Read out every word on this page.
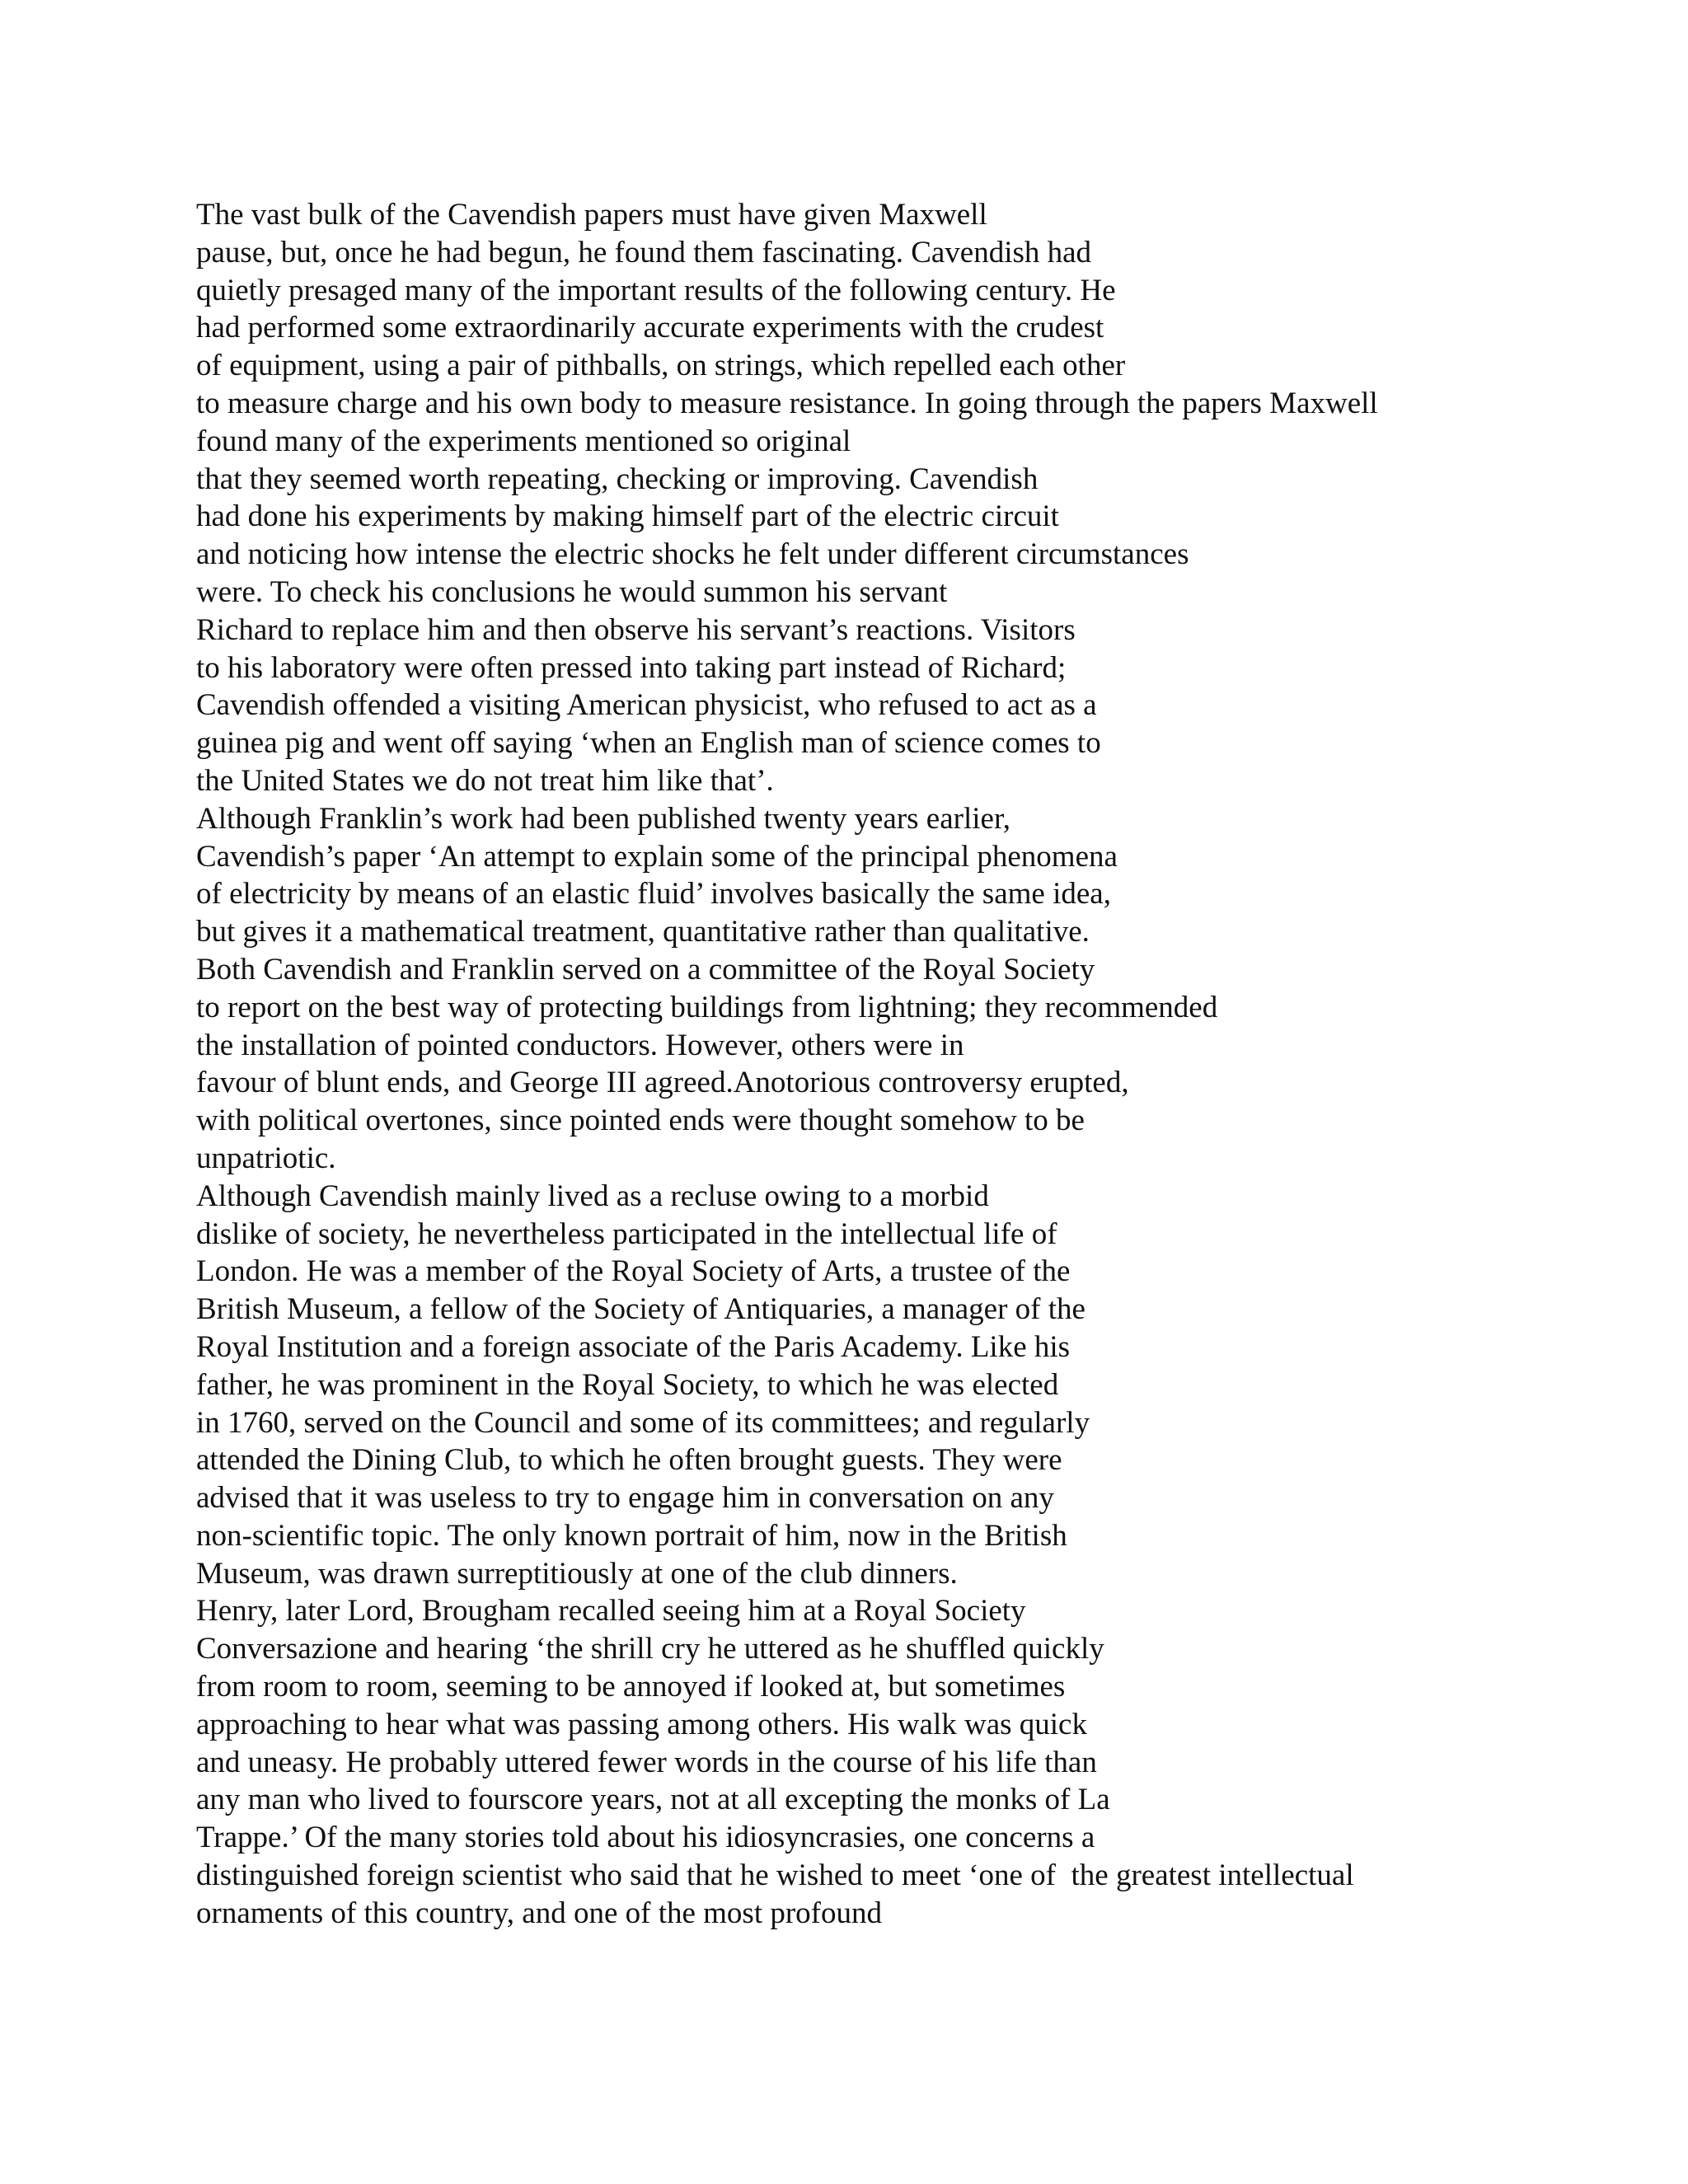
The vast bulk of the Cavendish papers must have given Maxwell
pause, but, once he had begun, he found them fascinating. Cavendish had
quietly presaged many of the important results of the following century. He
had performed some extraordinarily accurate experiments with the crudest
of equipment, using a pair of pithballs, on strings, which repelled each other
to measure charge and his own body to measure resistance. In going through the papers Maxwell
found many of the experiments mentioned so original
that they seemed worth repeating, checking or improving. Cavendish
had done his experiments by making himself part of the electric circuit
and noticing how intense the electric shocks he felt under different circumstances
were. To check his conclusions he would summon his servant
Richard to replace him and then observe his servant’s reactions. Visitors
to his laboratory were often pressed into taking part instead of Richard;
Cavendish offended a visiting American physicist, who refused to act as a
guinea pig and went off saying ‘when an English man of science comes to
the United States we do not treat him like that’.
Although Franklin’s work had been published twenty years earlier,
Cavendish’s paper ‘An attempt to explain some of the principal phenomena
of electricity by means of an elastic fluid’ involves basically the same idea,
but gives it a mathematical treatment, quantitative rather than qualitative.
Both Cavendish and Franklin served on a committee of the Royal Society
to report on the best way of protecting buildings from lightning; they recommended
the installation of pointed conductors. However, others were in
favour of blunt ends, and George III agreed.Anotorious controversy erupted,
with political overtones, since pointed ends were thought somehow to be
unpatriotic.
Although Cavendish mainly lived as a recluse owing to a morbid
dislike of society, he nevertheless participated in the intellectual life of
London. He was a member of the Royal Society of Arts, a trustee of the
British Museum, a fellow of the Society of Antiquaries, a manager of the
Royal Institution and a foreign associate of the Paris Academy. Like his
father, he was prominent in the Royal Society, to which he was elected
in 1760, served on the Council and some of its committees; and regularly
attended the Dining Club, to which he often brought guests. They were
advised that it was useless to try to engage him in conversation on any
non-scientific topic. The only known portrait of him, now in the British
Museum, was drawn surreptitiously at one of the club dinners.
Henry, later Lord, Brougham recalled seeing him at a Royal Society
Conversazione and hearing ‘the shrill cry he uttered as he shuffled quickly
from room to room, seeming to be annoyed if looked at, but sometimes
approaching to hear what was passing among others. His walk was quick
and uneasy. He probably uttered fewer words in the course of his life than
any man who lived to fourscore years, not at all excepting the monks of La
Trappe.’ Of the many stories told about his idiosyncrasies, one concerns a
distinguished foreign scientist who said that he wished to meet ‘one of  the greatest intellectual
ornaments of this country, and one of the most profound
